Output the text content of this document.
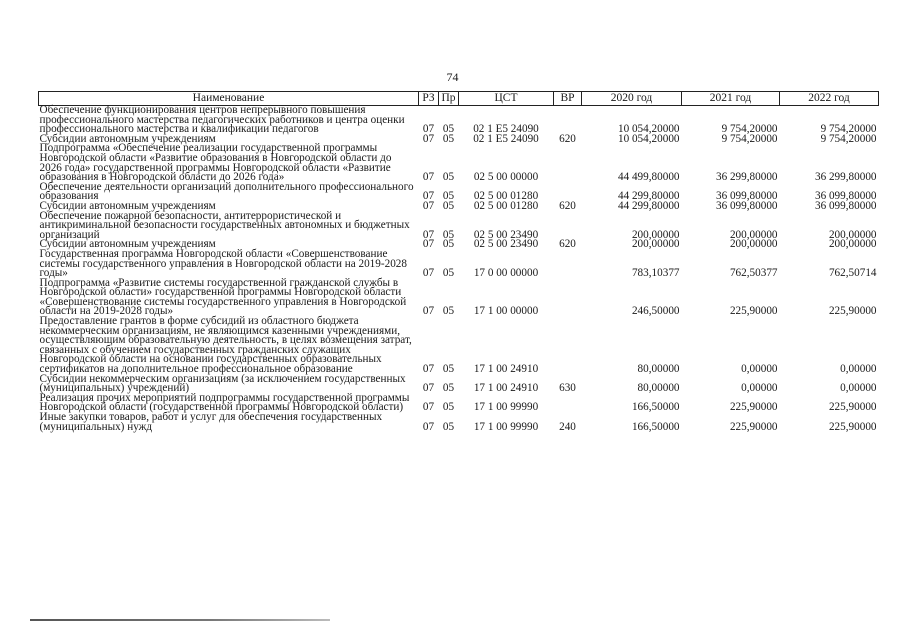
74
Наименование	РЗ	Пр	ЦСТ	ВР	2020 год	2021 год	2022 год
Обеспечение функционирования центров непрерывного повышения профессионального мастерства педагогических работников и центра оценки профессионального мастерства и квалификации педагогов	07	05	02 1 Е5 24090		10 054,20000	9 754,20000	9 754,20000
Субсидии автономным учреждениям	07	05	02 1 Е5 24090	620	10 054,20000	9 754,20000	9 754,20000
Подпрограмма «Обеспечение реализации государственной программы Новгородской области «Развитие образования в Новгородской области до 2026 года» государственной программы Новгородской области «Развитие образования в Новгородской области до 2026 года»	07	05	02 5 00 00000		44 499,80000	36 299,80000	36 299,80000
Обеспечение деятельности организаций дополнительного профессионального образования	07	05	02 5 00 01280		44 299,80000	36 099,80000	36 099,80000
Субсидии автономным учреждениям	07	05	02 5 00 01280	620	44 299,80000	36 099,80000	36 099,80000
Обеспечение пожарной безопасности, антитеррористической и антикриминальной безопасности государственных автономных и бюджетных организаций	07	05	02 5 00 23490		200,00000	200,00000	200,00000
Субсидии автономным учреждениям	07	05	02 5 00 23490	620	200,00000	200,00000	200,00000
Государственная программа Новгородской области «Совершенствование системы государственного управления в Новгородской области на 2019-2028 годы»	07	05	17 0 00 00000		783,10377	762,50377	762,50714
Подпрограмма «Развитие системы государственной гражданской службы в Новгородской области» государственной программы Новгородской области «Совершенствование системы государственного управления в Новгородской области на 2019-2028 годы»	07	05	17 1 00 00000		246,50000	225,90000	225,90000
Предоставление грантов в форме субсидий из областного бюджета некоммерческим организациям, не являющимся казенными учреждениями, осуществляющим образовательную деятельность, в целях возмещения затрат, связанных с обучением государственных гражданских служащих Новгородской области на основании государственных образовательных сертификатов на дополнительное профессиональное образование	07	05	17 1 00 24910		80,00000	0,00000	0,00000
Субсидии некоммерческим организациям (за исключением государственных (муниципальных) учреждений)	07	05	17 1 00 24910	630	80,00000	0,00000	0,00000
Реализация прочих мероприятий подпрограммы государственной программы Новгородской области (государственной программы Новгородской области)	07	05	17 1 00 99990		166,50000	225,90000	225,90000
Иные закупки товаров, работ и услуг для обеспечения государственных (муниципальных) нужд	07	05	17 1 00 99990	240	166,50000	225,90000	225,90000
